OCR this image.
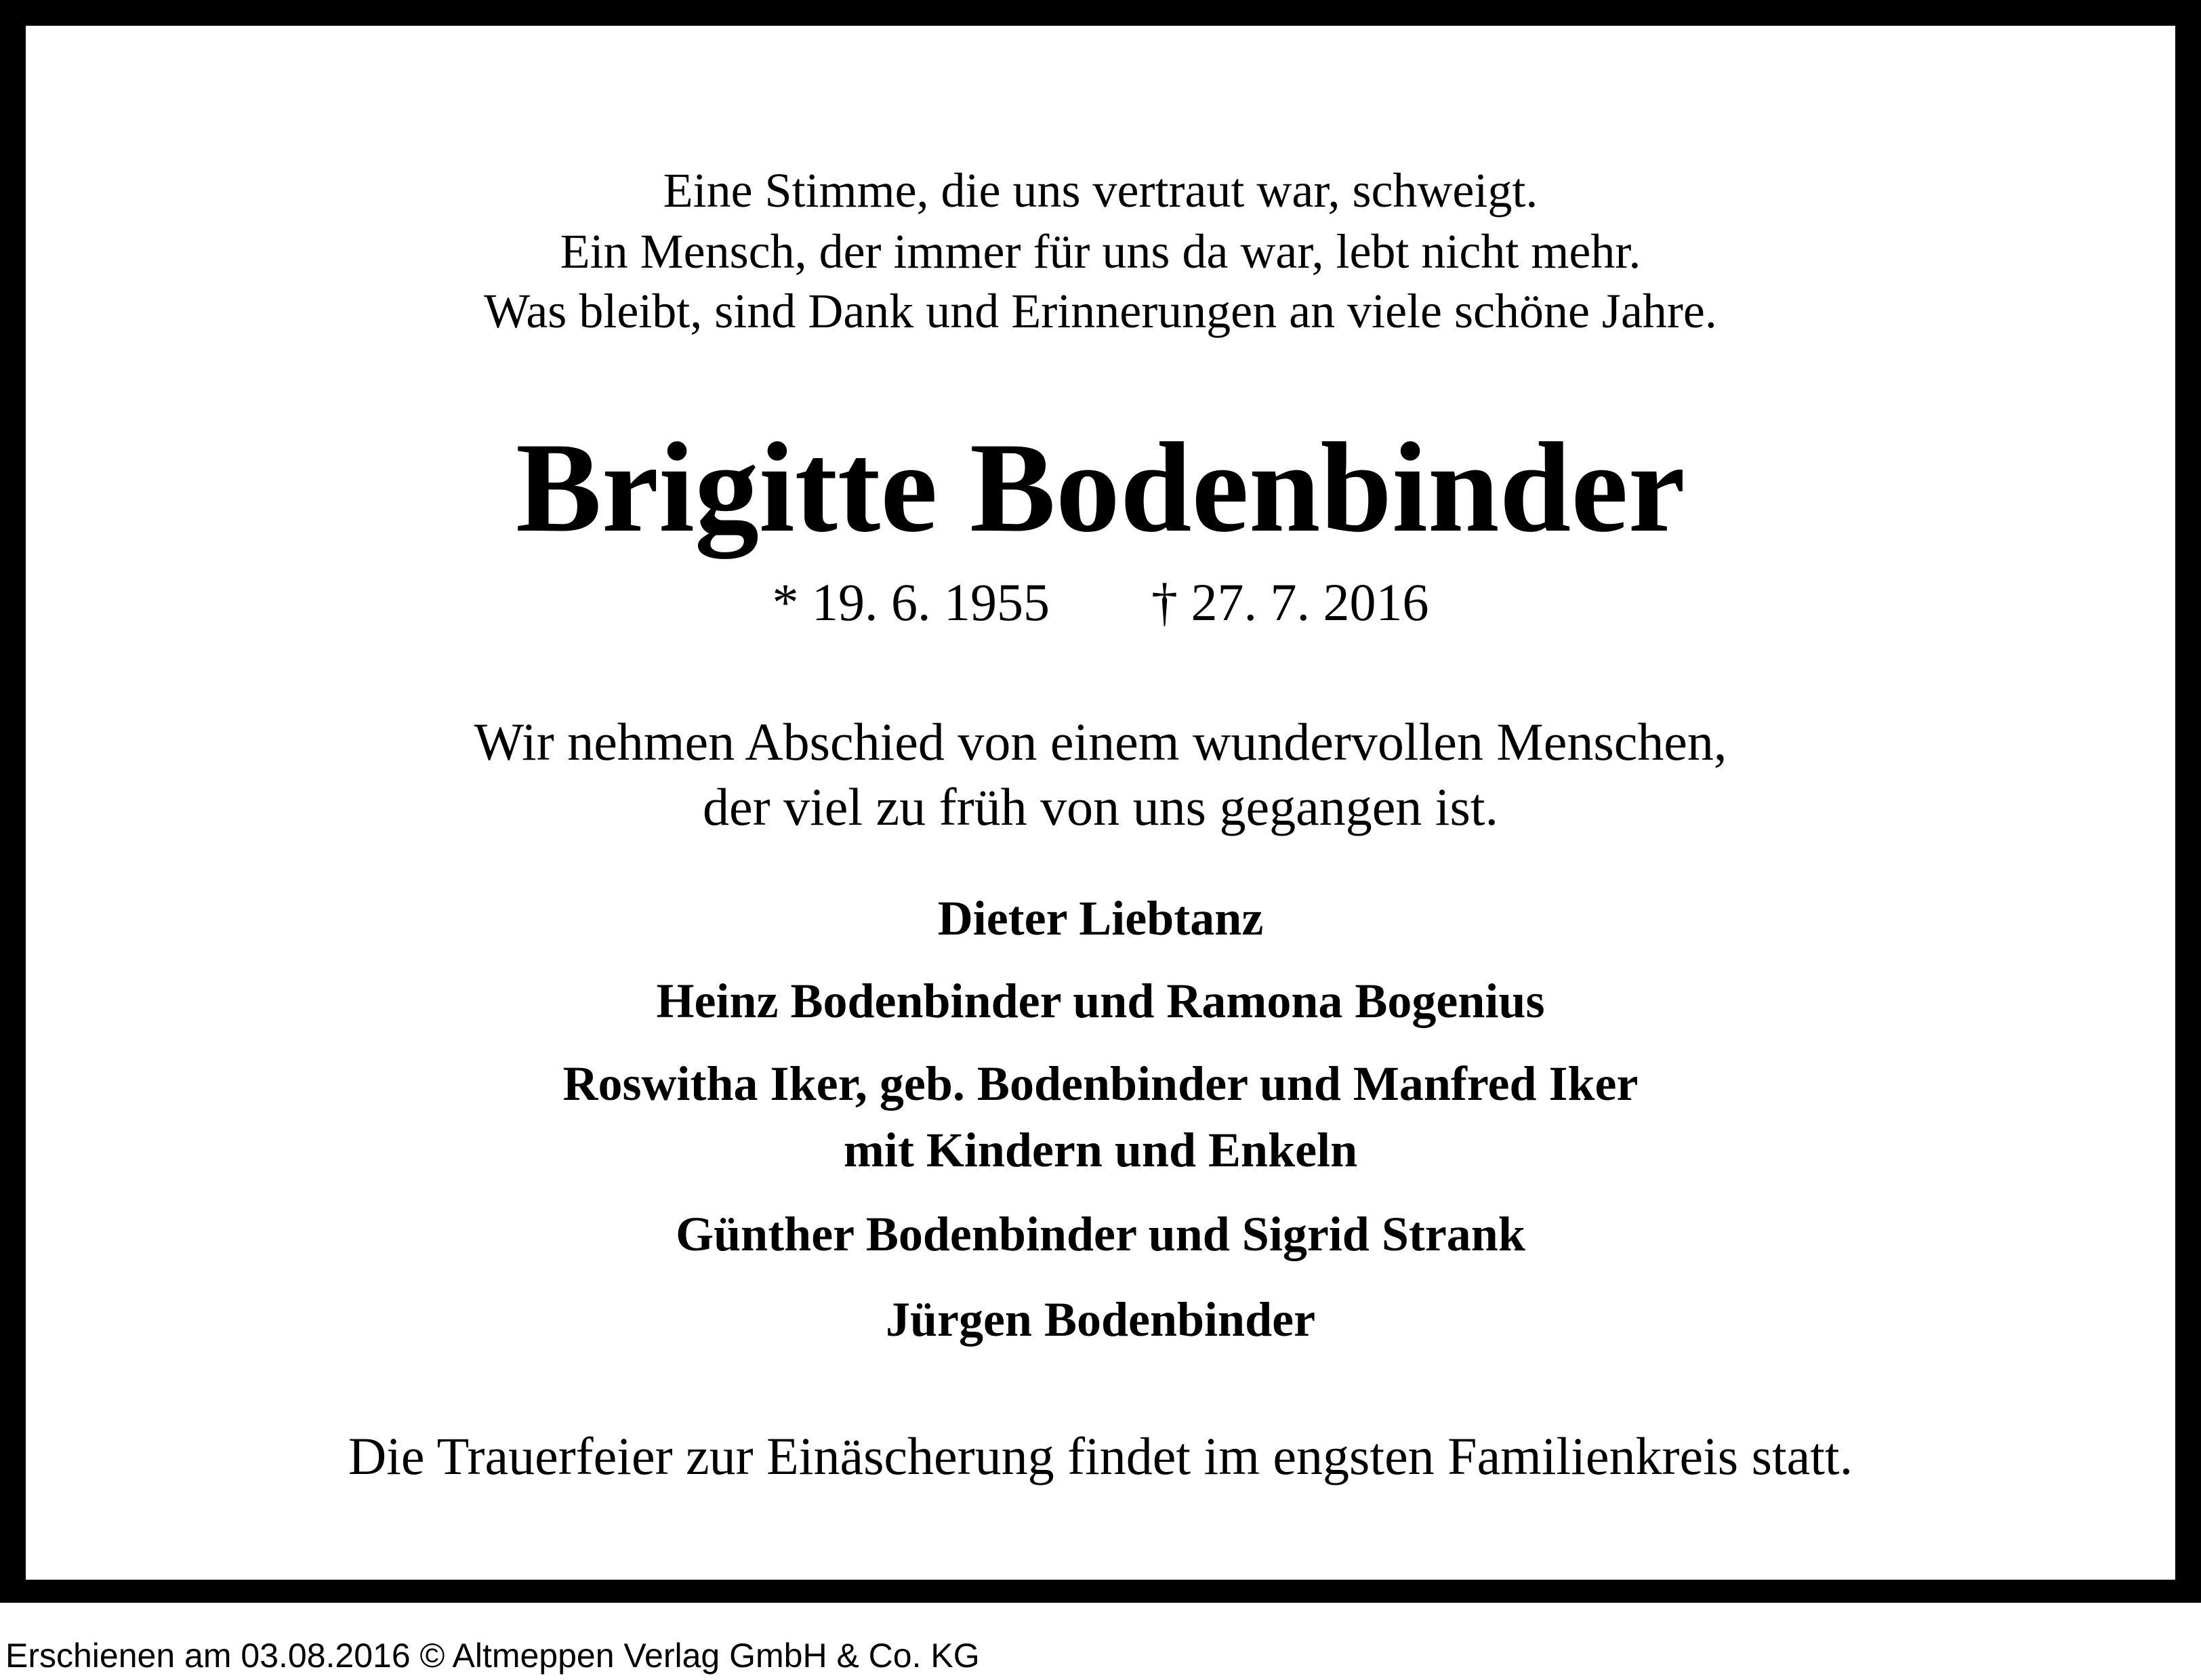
Eine Stimme, die uns vertraut war, schweigt.

Ein Mensch, der immer für uns da war, lebt nicht mehr.

Was bleibt, sind Dank und Erinnerungen an viele schöne Jahre.

Brigitte Bodenbinder

* 19. 6. 1955 † 27. 7. 2016

Wir nehmen Abschied von einem wundervollen Menschen,

der viel zu früh von uns gegangen ist.

Dieter Liebtanz

Heinz Bodenbinder und Ramona Bogenius

Roswitha Iker, geb. Bodenbinder und Manfred Iker

mit Kindern und Enkeln

Günther Bodenbinder und Sigrid Strank

Jürgen Bodenbinder

Die Trauerfeier zur Einäscherung findet im engsten Familienkreis statt.

Erschienen am 03.08.2016 © Altmeppen Verlag GmbH & Co. KG
